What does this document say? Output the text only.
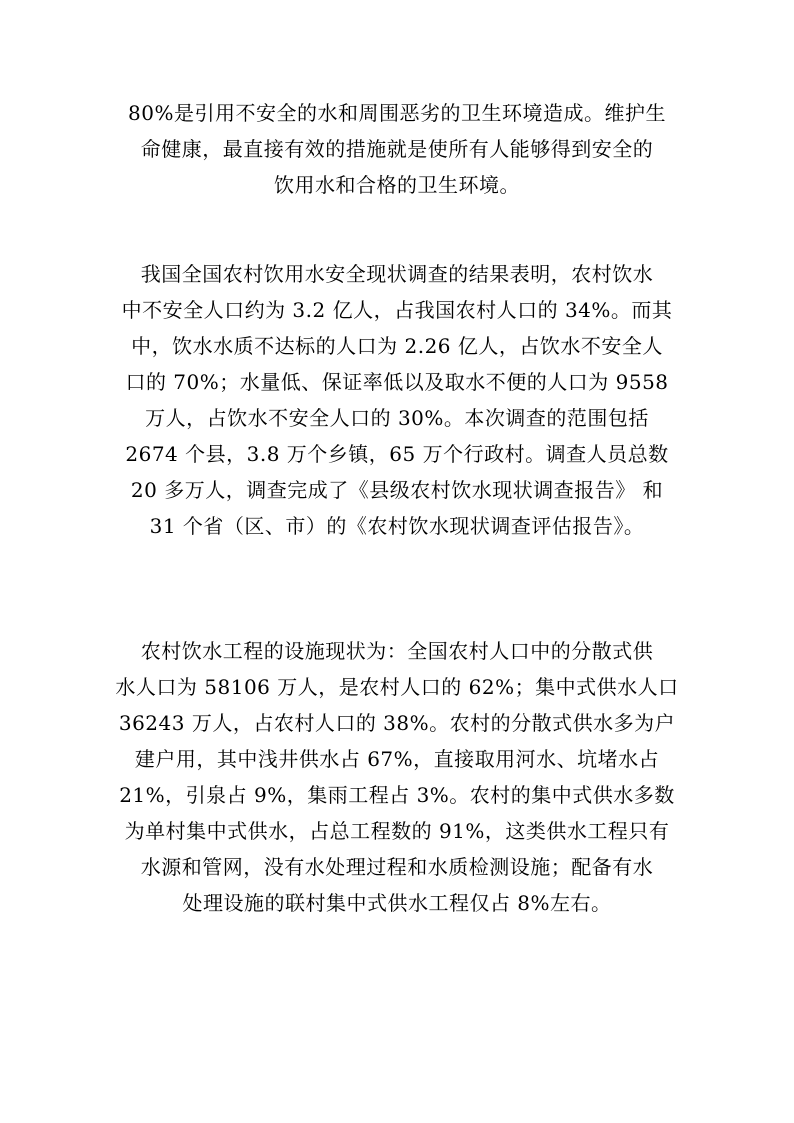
80%是引用不安全的水和周围恶劣的卫生环境造成。维护生
命健康，最直接有效的措施就是使所有人能够得到安全的
饮用水和合格的卫生环境。
我国全国农村饮用水安全现状调查的结果表明，农村饮水
中不安全人口约为 3.2 亿人，占我国农村人口的 34%。而其
中，饮水水质不达标的人口为 2.26 亿人，占饮水不安全人
口的 70%；水量低、保证率低以及取水不便的人口为 9558
万人，占饮水不安全人口的 30%。本次调查的范围包括
2674 个县，3.8 万个乡镇，65 万个行政村。调查人员总数
20 多万人，调查完成了《县级农村饮水现状调查报告》 和
31 个省（区、市）的《农村饮水现状调查评估报告》。
农村饮水工程的设施现状为：全国农村人口中的分散式供
水人口为 58106 万人，是农村人口的 62%；集中式供水人口
36243 万人，占农村人口的 38%。农村的分散式供水多为户
建户用，其中浅井供水占 67%，直接取用河水、坑堵水占
21%，引泉占 9%，集雨工程占 3%。农村的集中式供水多数
为单村集中式供水，占总工程数的 91%，这类供水工程只有
水源和管网，没有水处理过程和水质检测设施；配备有水
处理设施的联村集中式供水工程仅占 8%左右。
